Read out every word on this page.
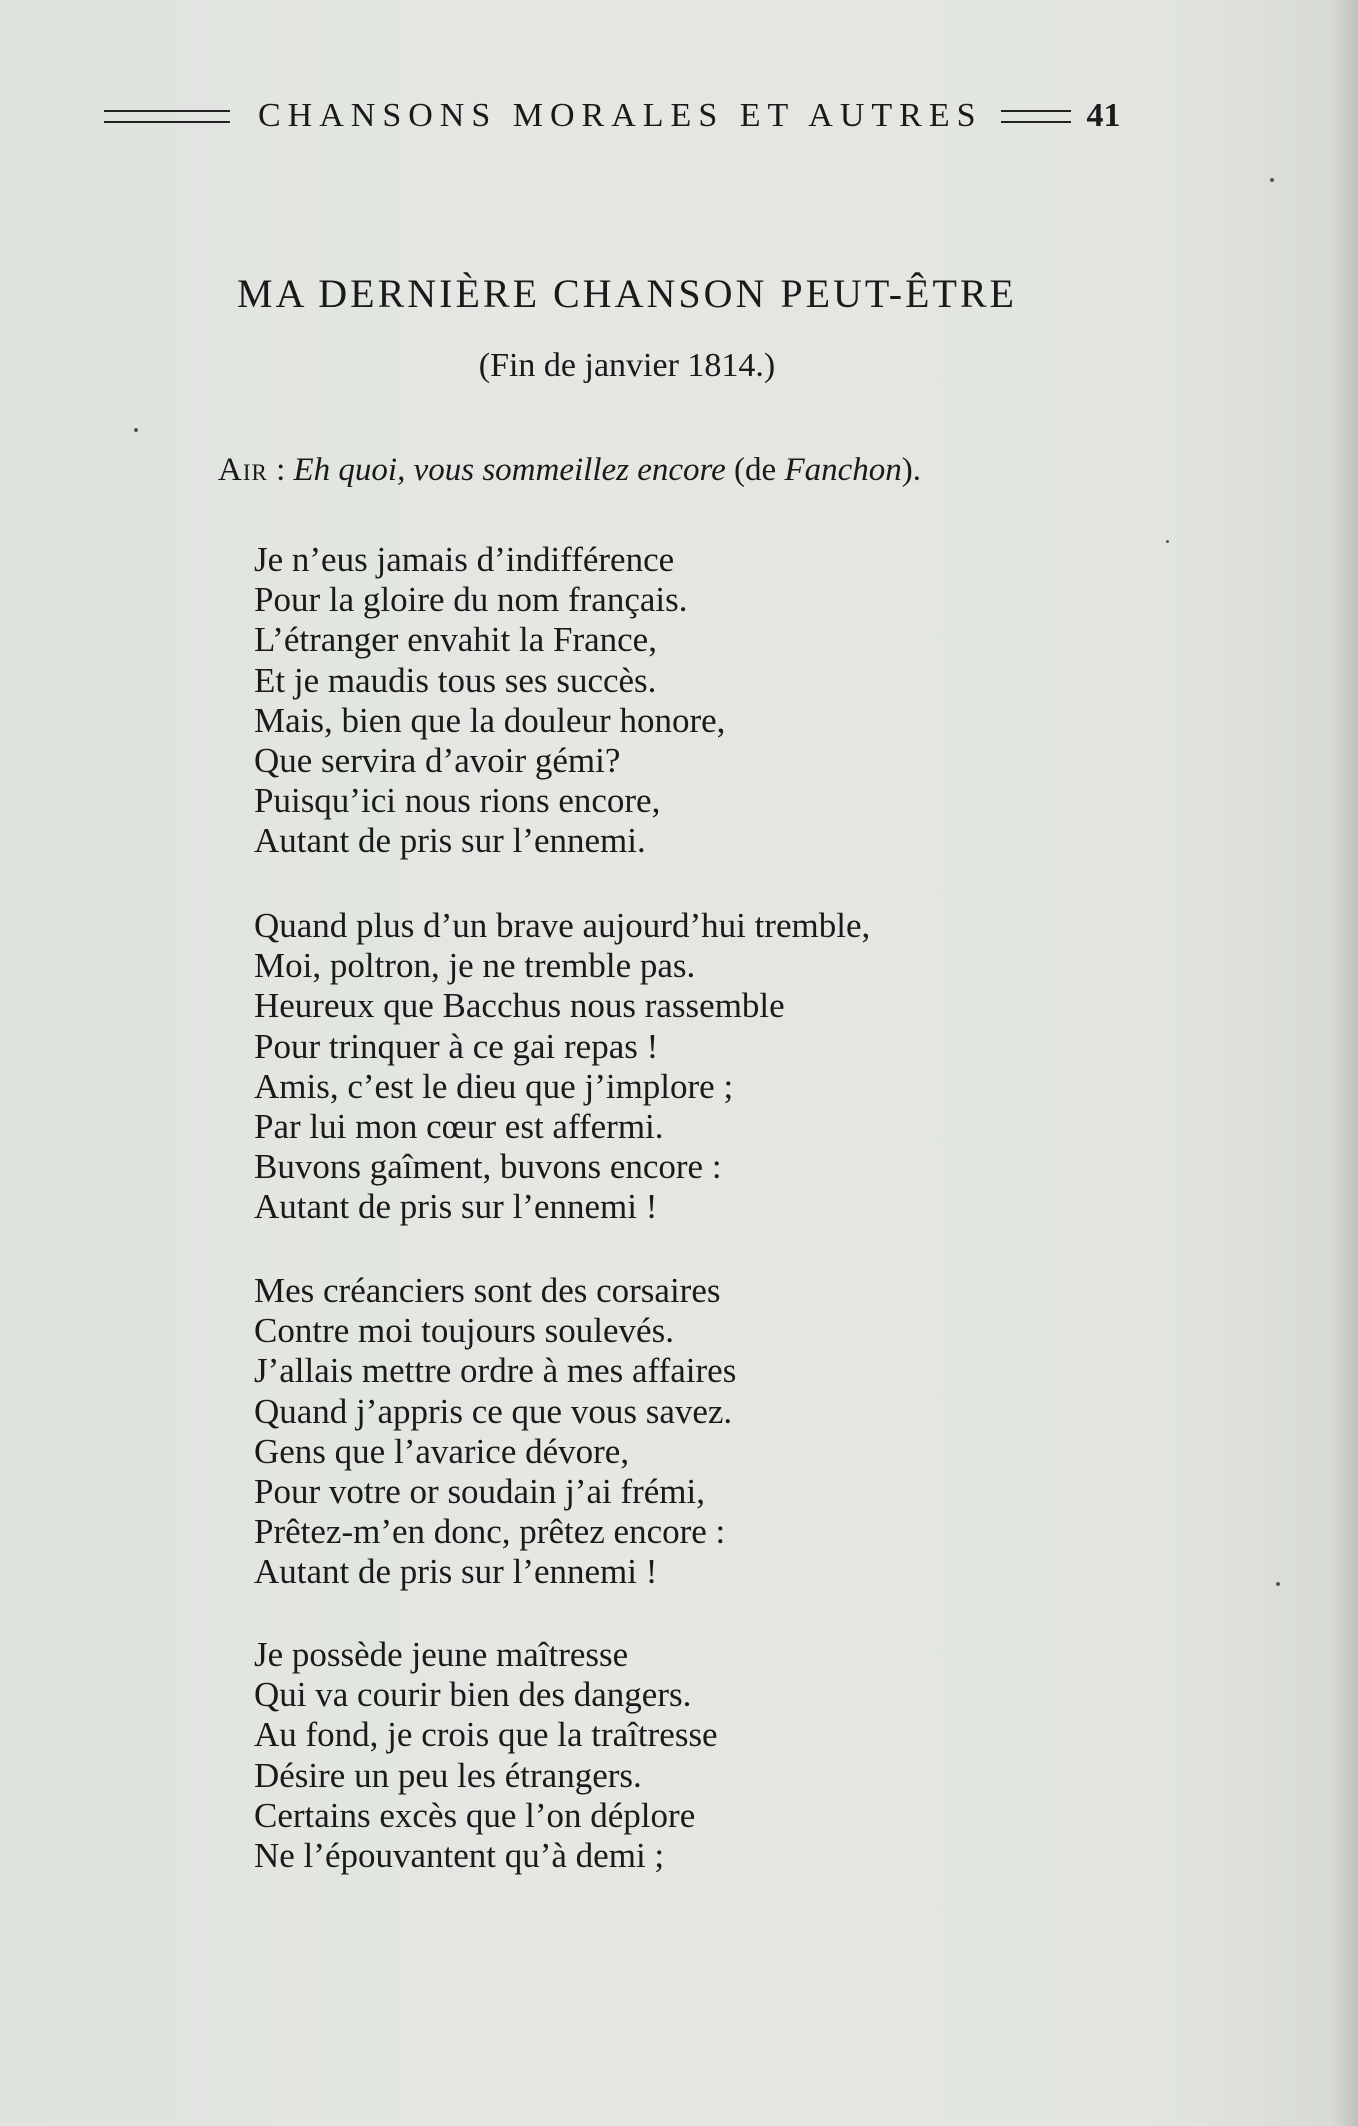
CHANSONS MORALES ET AUTRES	41
MA DERNIÈRE CHANSON PEUT-ÊTRE
(Fin de janvier 1814.)
Air : Eh quoi, vous sommeillez encore (de Fanchon).
Je n’eus jamais d’indifférence
Pour la gloire du nom français.
L’étranger envahit la France,
Et je maudis tous ses succès.
Mais, bien que la douleur honore,
Que servira d’avoir gémi?
Puisqu’ici nous rions encore,
Autant de pris sur l’ennemi.
Quand plus d’un brave aujourd’hui tremble,
Moi, poltron, je ne tremble pas.
Heureux que Bacchus nous rassemble
Pour trinquer à ce gai repas !
Amis, c’est le dieu que j’implore ;
Par lui mon cœur est affermi.
Buvons gaîment, buvons encore :
Autant de pris sur l’ennemi !
Mes créanciers sont des corsaires
Contre moi toujours soulevés.
J’allais mettre ordre à mes affaires
Quand j’appris ce que vous savez.
Gens que l’avarice dévore,
Pour votre or soudain j’ai frémi,
Prêtez-m’en donc, prêtez encore :
Autant de pris sur l’ennemi !
Je possède jeune maîtresse
Qui va courir bien des dangers.
Au fond, je crois que la traîtresse
Désire un peu les étrangers.
Certains excès que l’on déplore
Ne l’épouvantent qu’à demi ;
